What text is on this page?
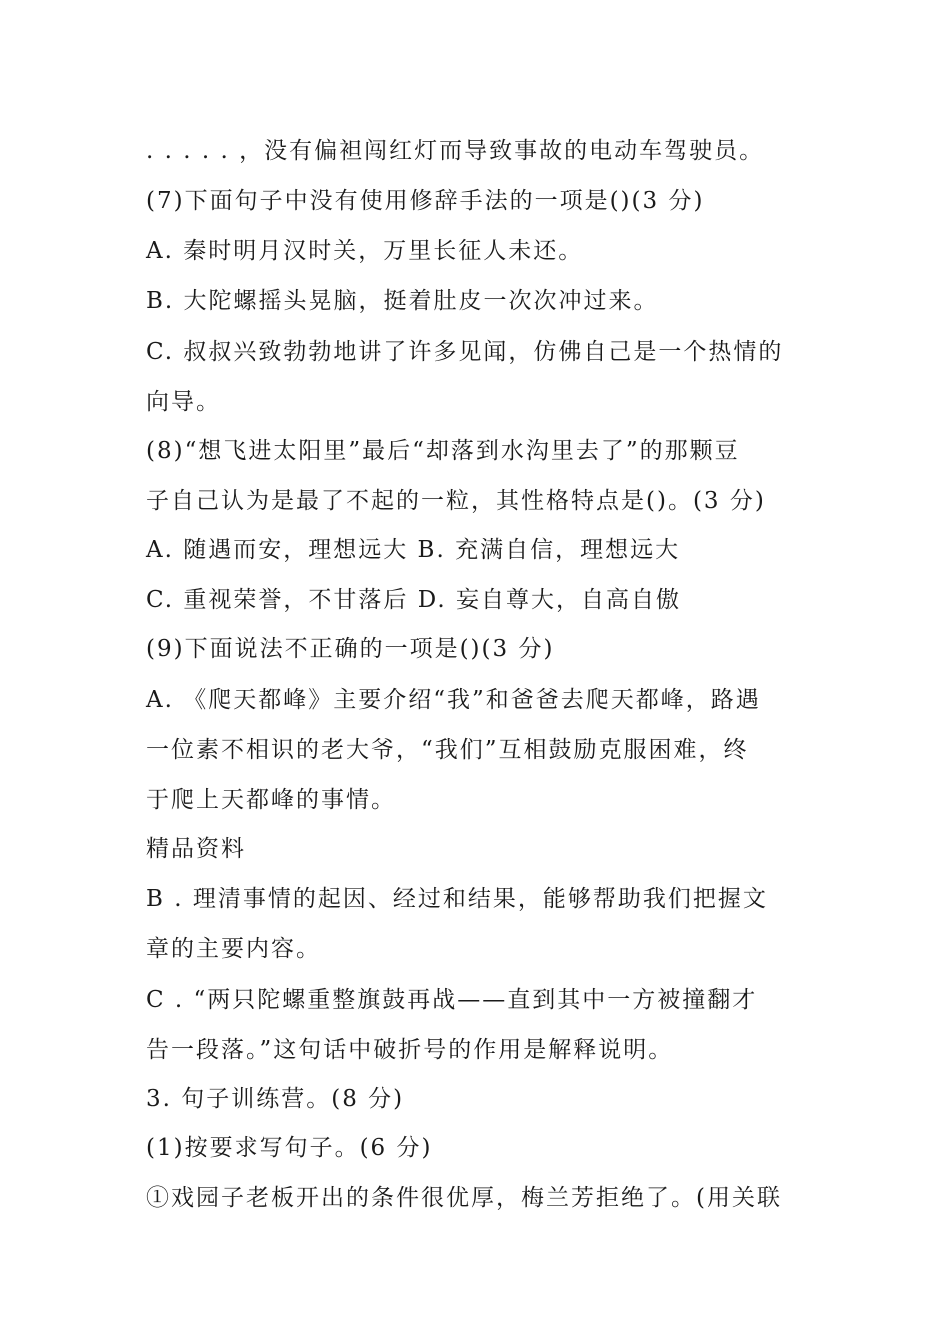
. . . . . ，没有偏袒闯红灯而导致事故的电动车驾驶员。
(7)下面句子中没有使用修辞手法的一项是()(3 分)
A. 秦时明月汉时关，万里长征人未还。
B. 大陀螺摇头晃脑，挺着肚皮一次次冲过来。
C. 叔叔兴致勃勃地讲了许多见闻，仿佛自己是一个热情的
向导。
(8)“想飞进太阳里”最后“却落到水沟里去了”的那颗豆
子自己认为是最了不起的一粒，其性格特点是()。(3 分)
A. 随遇而安，理想远大 B. 充满自信，理想远大
C. 重视荣誉，不甘落后 D. 妄自尊大，自高自傲
(9)下面说法不正确的一项是()(3 分)
A. 《爬天都峰》主要介绍“我”和爸爸去爬天都峰，路遇
一位素不相识的老大爷，“我们”互相鼓励克服困难，终
于爬上天都峰的事情。
精品资料
B . 理清事情的起因、经过和结果，能够帮助我们把握文
章的主要内容。
C . “两只陀螺重整旗鼓再战——直到其中一方被撞翻才
告一段落。”这句话中破折号的作用是解释说明。
3. 句子训练营。(8 分)
(1)按要求写句子。(6 分)
①戏园子老板开出的条件很优厚，梅兰芳拒绝了。(用关联
